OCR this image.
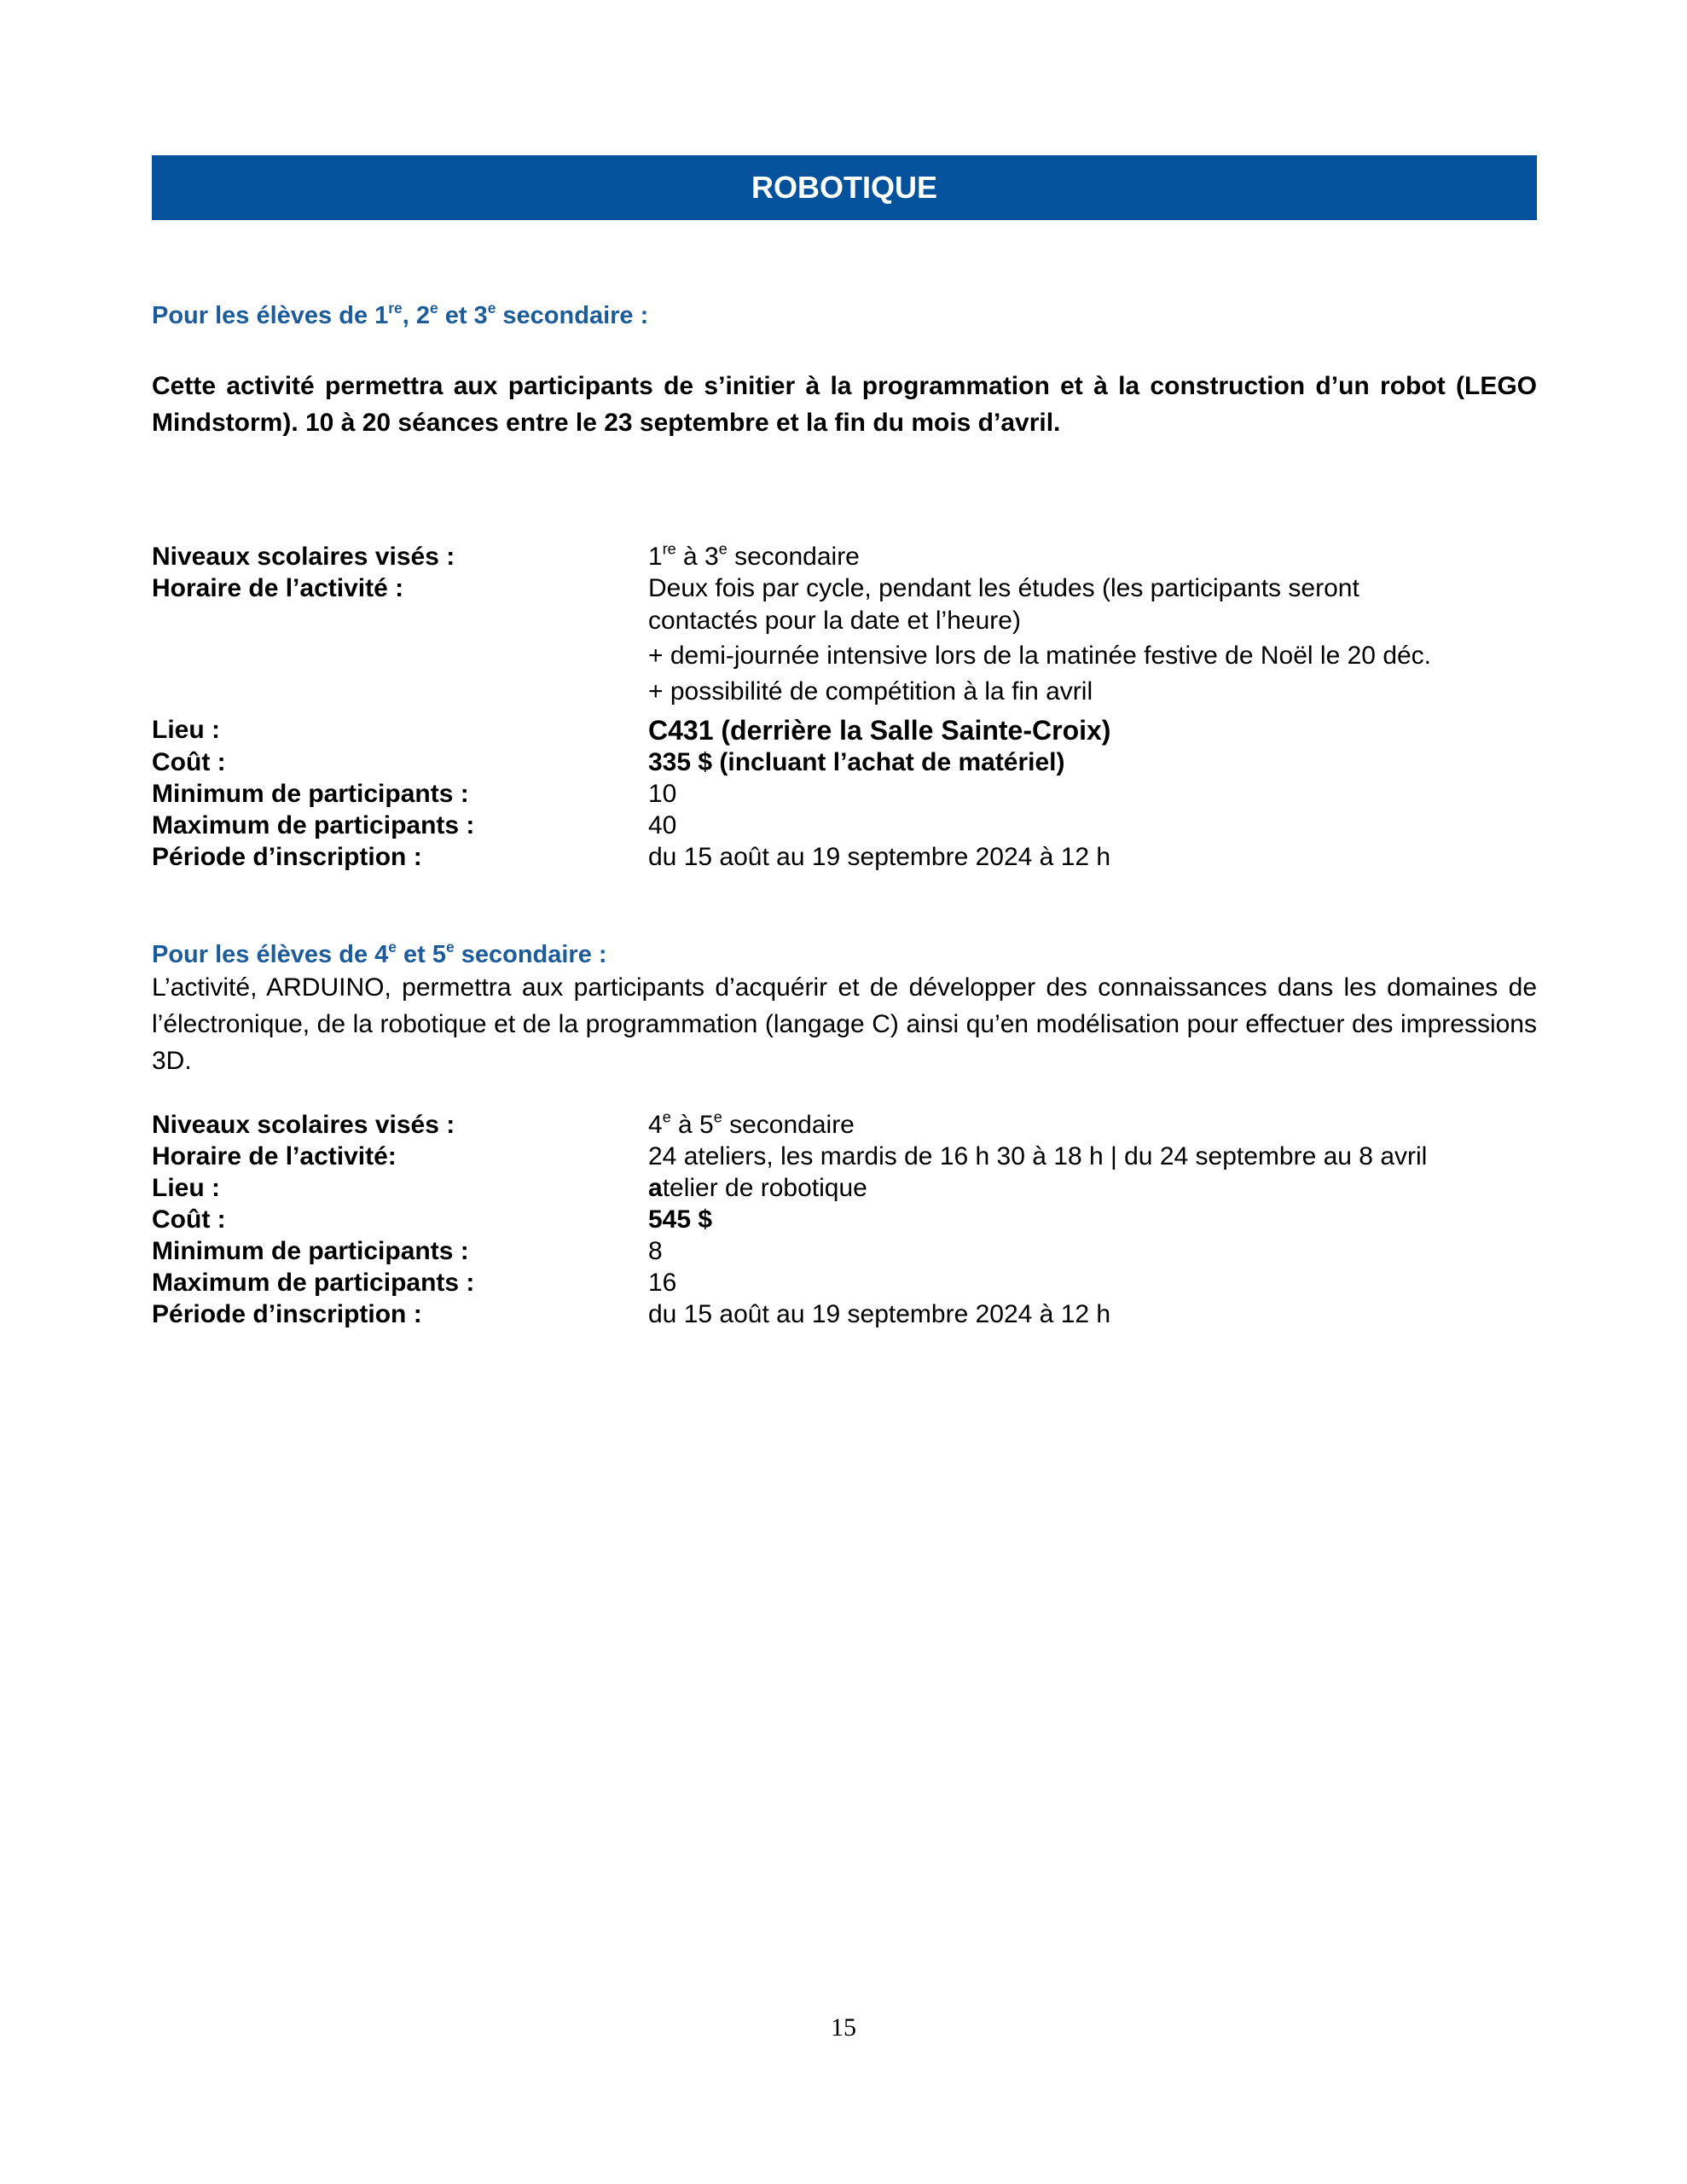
ROBOTIQUE
Pour les élèves de 1re, 2e et 3e secondaire :
Cette activité permettra aux participants de s’initier à la programmation et à la construction d’un robot (LEGO Mindstorm). 10 à 20 séances entre le 23 septembre et la fin du mois d’avril.
Niveaux scolaires visés :	1re à 3e secondaire
Horaire de l’activité :	Deux fois par cycle, pendant les études (les participants seront contactés pour la date et l’heure)
+ demi-journée intensive lors de la matinée festive de Noël le 20 déc.
+ possibilité de compétition à la fin avril
Lieu :	C431 (derrière la Salle Sainte-Croix)
Coût :	335 $ (incluant l’achat de matériel)
Minimum de participants :	10
Maximum de participants :	40
Période d’inscription :	du 15 août au 19 septembre 2024 à 12 h
Pour les élèves de 4e et 5e secondaire :
L’activité, ARDUINO, permettra aux participants d’acquérir et de développer des connaissances dans les domaines de l’électronique, de la robotique et de la programmation (langage C) ainsi qu’en modélisation pour effectuer des impressions 3D.
Niveaux scolaires visés :	4e à 5e secondaire
Horaire de l’activité:	24 ateliers, les mardis de 16 h 30 à 18 h | du 24 septembre au 8 avril
Lieu :	atelier de robotique
Coût :	545 $
Minimum de participants :	8
Maximum de participants :	16
Période d’inscription :	du 15 août au 19 septembre 2024 à 12 h
15
